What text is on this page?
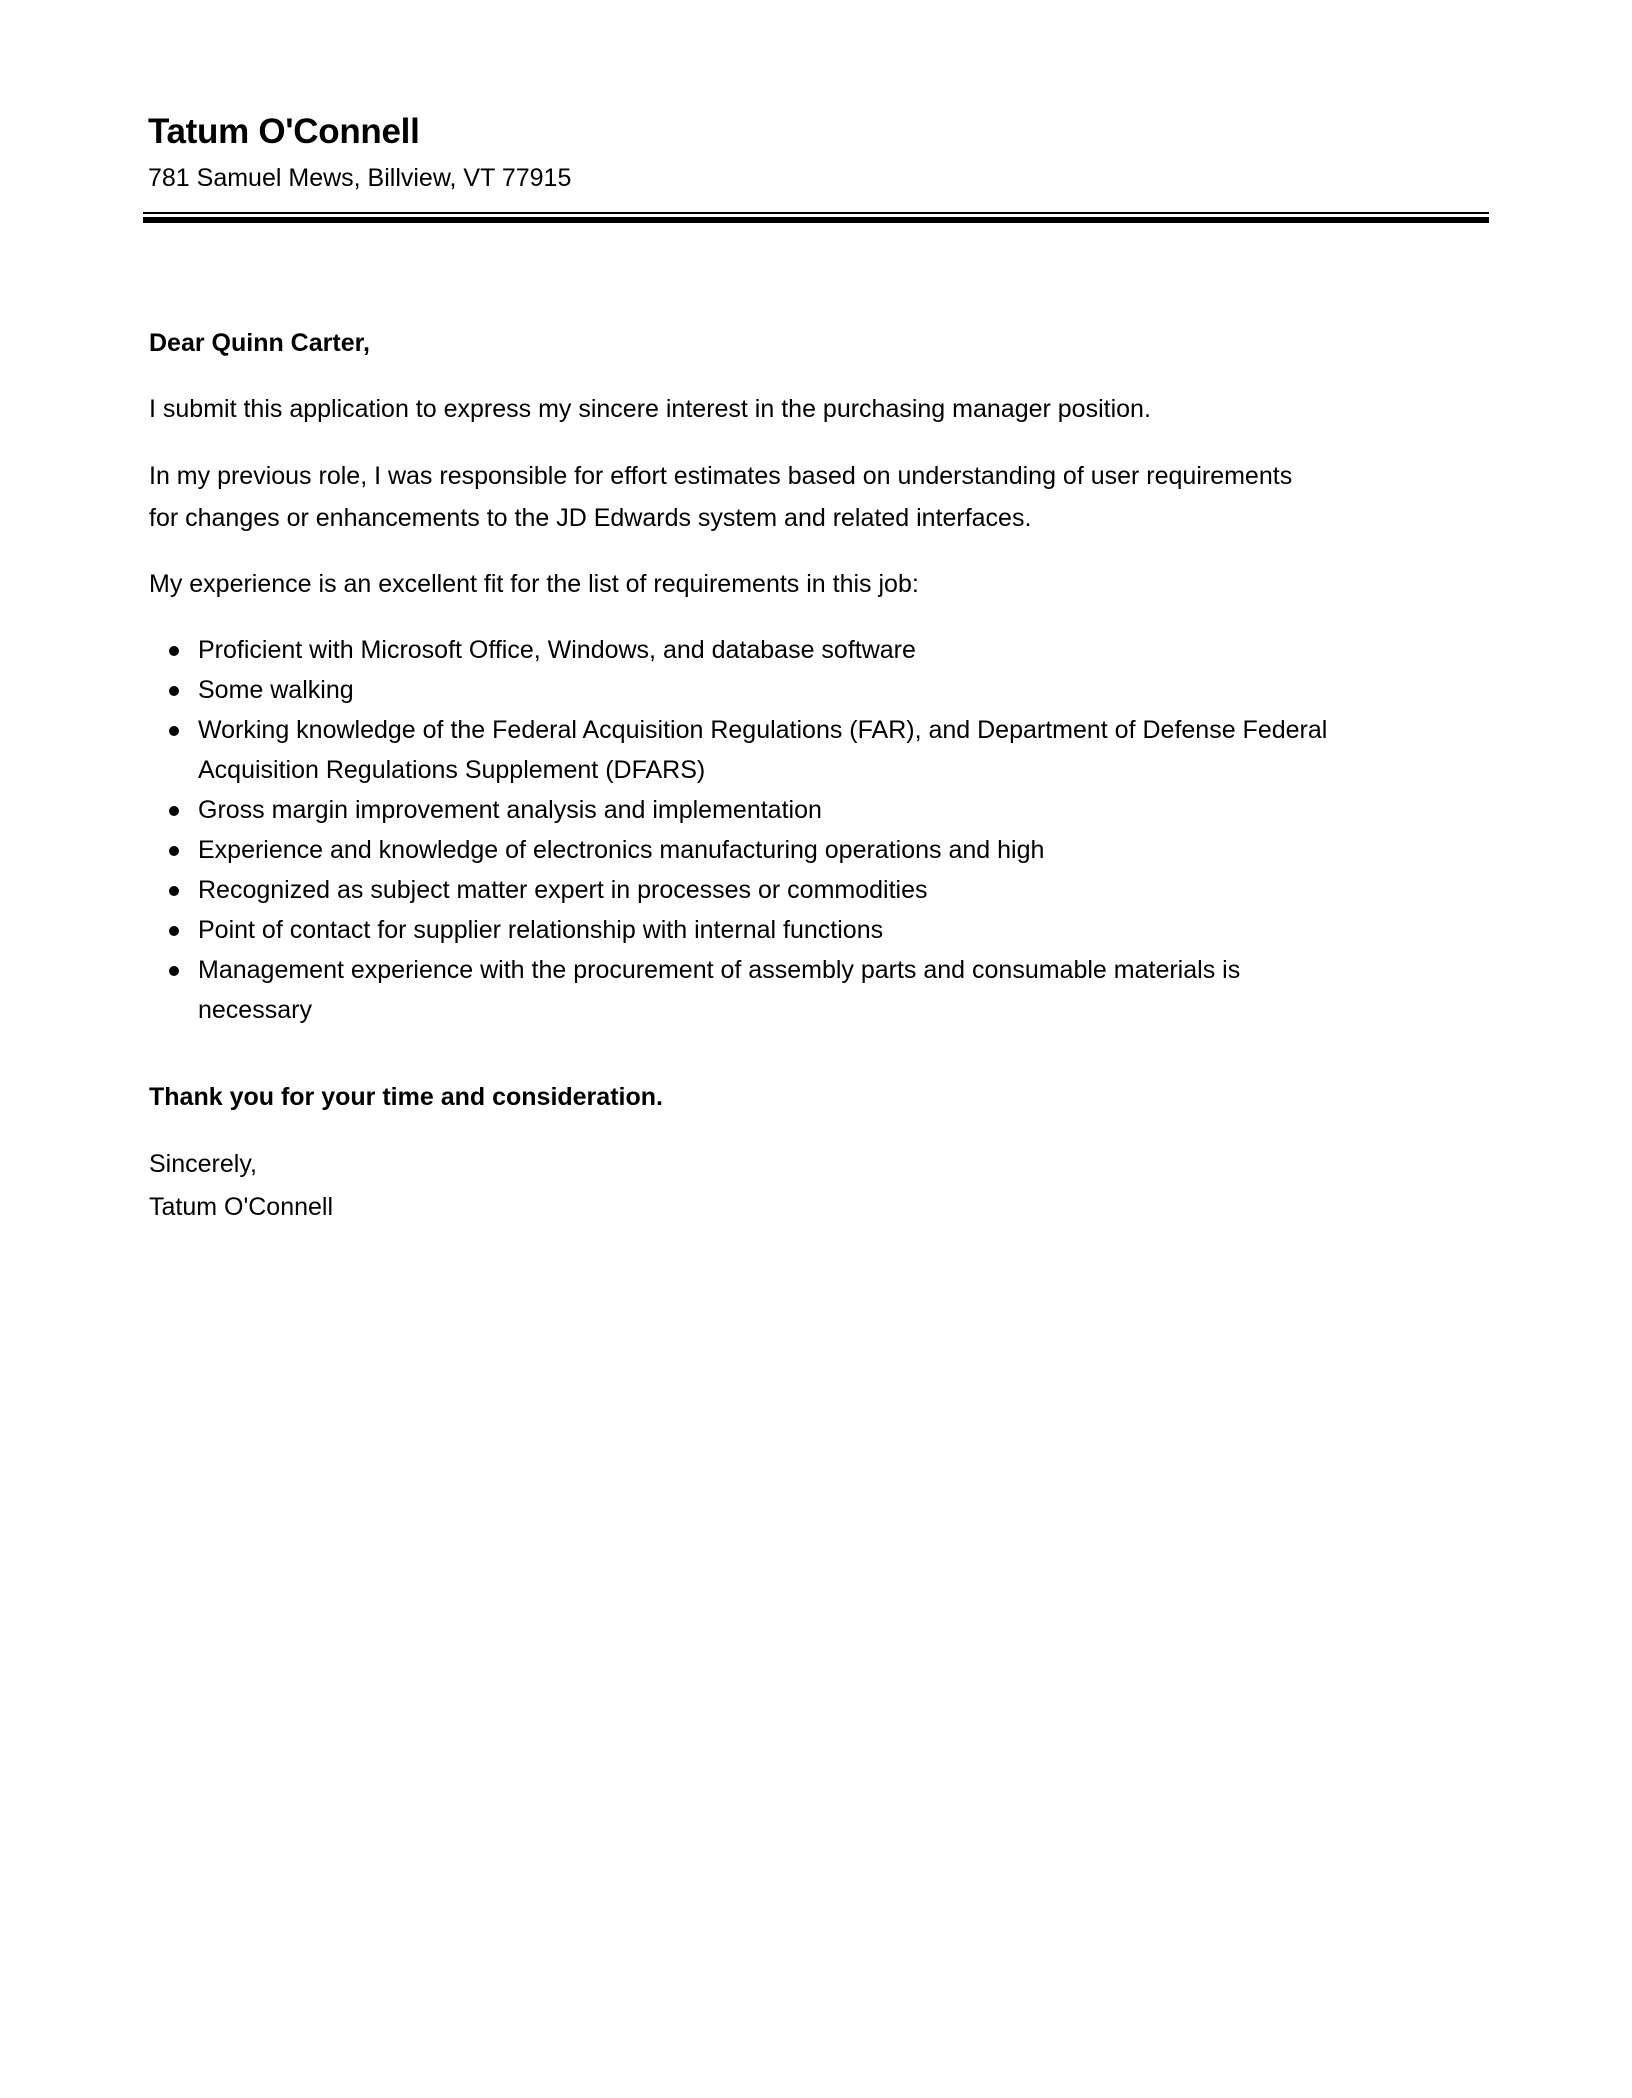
Tatum O'Connell
781 Samuel Mews, Billview, VT 77915
Dear Quinn Carter,
I submit this application to express my sincere interest in the purchasing manager position.
In my previous role, I was responsible for effort estimates based on understanding of user requirements
for changes or enhancements to the JD Edwards system and related interfaces.
My experience is an excellent fit for the list of requirements in this job:
Proficient with Microsoft Office, Windows, and database software
Some walking
Working knowledge of the Federal Acquisition Regulations (FAR), and Department of Defense Federal
Acquisition Regulations Supplement (DFARS)
Gross margin improvement analysis and implementation
Experience and knowledge of electronics manufacturing operations and high
Recognized as subject matter expert in processes or commodities
Point of contact for supplier relationship with internal functions
Management experience with the procurement of assembly parts and consumable materials is
necessary
Thank you for your time and consideration.
Sincerely,
Tatum O'Connell
